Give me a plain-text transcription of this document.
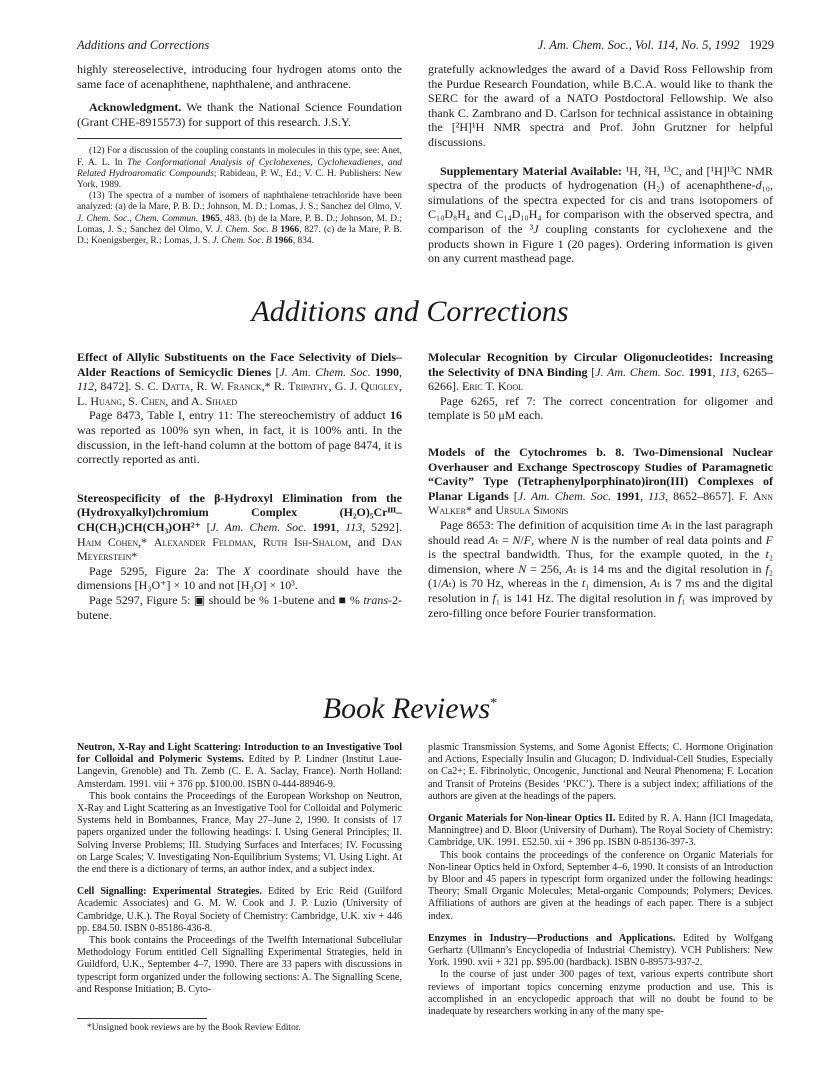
Additions and Corrections	J. Am. Chem. Soc., Vol. 114, No. 5, 1992 1929

highly stereoselective, introducing four hydrogen atoms onto the same face of acenaphthene, naphthalene, and anthracene.

Acknowledgment. We thank the National Science Foundation (Grant CHE-8915573) for support of this research. J.S.Y.

(12) For a discussion of the coupling constants in molecules in this type, see: Anet, F. A. L. In The Conformational Analysis of Cyclohexenes, Cyclohexadienes, and Related Hydroaromatic Compounds; Rabideau, P. W., Ed.; V. C. H. Publishers: New York, 1989.

(13) The spectra of a number of isomers of naphthalene tetrachloride have been analyzed: (a) de la Mare, P. B. D.; Johnson, M. D.; Lomas, J. S.; Sanchez del Olmo, V. J. Chem. Soc., Chem. Commun. 1965, 483. (b) de la Mare, P. B. D.; Johnson, M. D.; Lomas, J. S.; Sanchez del Olmo, V. J. Chem. Soc. B 1966, 827. (c) de la Mare, P. B. D.; Koenigsberger, R.; Lomas, J. S. J. Chem. Soc. B 1966, 834.

gratefully acknowledges the award of a David Ross Fellowship from the Purdue Research Foundation, while B.C.A. would like to thank the SERC for the award of a NATO Postdoctoral Fellowship. We also thank C. Zambrano and D. Carlson for technical assistance in obtaining the [²H]¹H NMR spectra and Prof. John Grutzner for helpful discussions.

Supplementary Material Available: ¹H, ²H, ¹³C, and [¹H]¹³C NMR spectra of the products of hydrogenation (H₂) of acenaphthene-d₁₀, simulations of the spectra expected for cis and trans isotopomers of C₁₀D₈H₄ and C₁₄D₁₀H₄ for comparison with the observed spectra, and comparison of the ³J coupling constants for cyclohexene and the products shown in Figure 1 (20 pages). Ordering information is given on any current masthead page.

Additions and Corrections

Effect of Allylic Substituents on the Face Selectivity of Diels–Alder Reactions of Semicyclic Dienes [J. Am. Chem. Soc. 1990, 112, 8472]. S. C. Datta, R. W. Franck,* R. Tripathy, G. J. Quigley, L. Huang, S. Chen, and A. Sihaed

Page 8473, Table I, entry 11: The stereochemistry of adduct 16 was reported as 100% syn when, in fact, it is 100% anti. In the discussion, in the left-hand column at the bottom of page 8474, it is correctly reported as anti.

Stereospecificity of the β-Hydroxyl Elimination from the (Hydroxyalkyl)chromium Complex (H₂O)₅Crᴵᴵᴵ–CH(CH₃)CH(CH₃)OH²⁺ [J. Am. Chem. Soc. 1991, 113, 5292]. Haim Cohen,* Alexander Feldman, Ruth Ish-Shalom, and Dan Meyerstein*

Page 5295, Figure 2a: The X coordinate should have the dimensions [H₃O⁺] × 10 and not [H₃O] × 10³.

Page 5297, Figure 5: ▣ should be % 1-butene and ■ % trans-2-butene.

Molecular Recognition by Circular Oligonucleotides: Increasing the Selectivity of DNA Binding [J. Am. Chem. Soc. 1991, 113, 6265–6266]. Eric T. Kool

Page 6265, ref 7: The correct concentration for oligomer and template is 50 μM each.

Models of the Cytochromes b. 8. Two-Dimensional Nuclear Overhauser and Exchange Spectroscopy Studies of Paramagnetic “Cavity” Type (Tetraphenylporphinato)iron(III) Complexes of Planar Ligands [J. Am. Chem. Soc. 1991, 113, 8652–8657]. F. Ann Walker* and Ursula Simonis

Page 8653: The definition of acquisition time Aₜ in the last paragraph should read Aₜ = N/F, where N is the number of real data points and F is the spectral bandwidth. Thus, for the example quoted, in the t₂ dimension, where N = 256, Aₜ is 14 ms and the digital resolution in f₂ (1/Aₜ) is 70 Hz, whereas in the t₁ dimension, Aₜ is 7 ms and the digital resolution in f₁ is 141 Hz. The digital resolution in f₁ was improved by zero-filling once before Fourier transformation.

Book Reviews*

Neutron, X-Ray and Light Scattering: Introduction to an Investigative Tool for Colloidal and Polymeric Systems. Edited by P. Lindner (Institut Laue-Langevin, Grenoble) and Th. Zemb (C. E. A. Saclay, France). North Holland: Amsterdam. 1991. viii + 376 pp. $100.00. ISBN 0-444-88946-9.

This book contains the Proceedings of the European Workshop on Neutron, X-Ray and Light Scattering as an Investigative Tool for Colloidal and Polymeric Systems held in Bombannes, France, May 27–June 2, 1990. It consists of 17 papers organized under the following headings: I. Using General Principles; II. Solving Inverse Problems; III. Studying Surfaces and Interfaces; IV. Focussing on Large Scales; V. Investigating Non-Equilibrium Systems; VI. Using Light. At the end there is a dictionary of terms, an author index, and a subject index.

Cell Signalling: Experimental Strategies. Edited by Eric Reid (Guilford Academic Associates) and G. M. W. Cook and J. P. Luzio (University of Cambridge, U.K.). The Royal Society of Chemistry: Cambridge, U.K. xiv + 446 pp. £84.50. ISBN 0-85186-436-8.

This book contains the Proceedings of the Twelfth International Subcellular Methodology Forum entitled Cell Signalling Experimental Strategies, held in Guildford, U.K., September 4–7, 1990. There are 33 papers with discussions in typescript form organized under the following sections: A. The Signalling Scene, and Response Initiation; B. Cyto-

*Unsigned book reviews are by the Book Review Editor.

plasmic Transmission Systems, and Some Agonist Effects; C. Hormone Origination and Actions, Especially Insulin and Glucagon; D. Individual-Cell Studies, Especially on Ca2+; E. Fibrinolytic, Oncogenic, Junctional and Neural Phenomena; F. Location and Transit of Proteins (Besides ‘PKC’). There is a subject index; affiliations of the authors are given at the headings of the papers.

Organic Materials for Non-linear Optics II. Edited by R. A. Hann (ICI Imagedata, Manningtree) and D. Bloor (University of Durham). The Royal Society of Chemistry: Cambridge, UK. 1991. £52.50. xii + 396 pp. ISBN 0-85136-397-3.

This book contains the proceedings of the conference on Organic Materials for Non-linear Optics held in Oxford, September 4–6, 1990. It consists of an Introduction by Bloor and 45 papers in typescript form organized under the following headings: Theory; Small Organic Molecules; Metal-organic Compounds; Polymers; Devices. Affiliations of authors are given at the headings of each paper. There is a subject index.

Enzymes in Industry—Productions and Applications. Edited by Wolfgang Gerhartz (Ullmann’s Encyclopedia of Industrial Chemistry). VCH Publishers: New York. 1990. xvii + 321 pp. $95.00 (hardback). ISBN 0-89573-937-2.

In the course of just under 300 pages of text, various experts contribute short reviews of important topics concerning enzyme production and use. This is accomplished in an encyclopedic approach that will no doubt be found to be inadequate by researchers working in any of the many spe-
